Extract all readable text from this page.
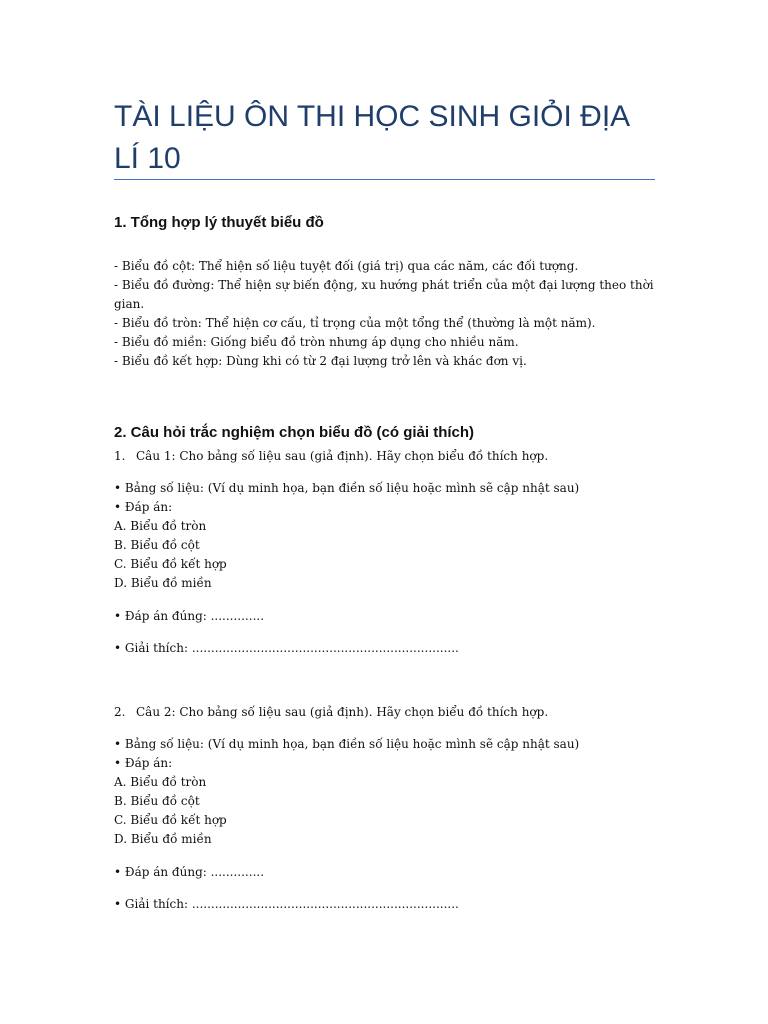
TÀI LIỆU ÔN THI HỌC SINH GIỎI ĐỊA LÍ 10
1. Tổng hợp lý thuyết biểu đồ
- Biểu đồ cột: Thể hiện số liệu tuyệt đối (giá trị) qua các năm, các đối tượng.
- Biểu đồ đường: Thể hiện sự biến động, xu hướng phát triển của một đại lượng theo thời gian.
- Biểu đồ tròn: Thể hiện cơ cấu, tỉ trọng của một tổng thể (thường là một năm).
- Biểu đồ miền: Giống biểu đồ tròn nhưng áp dụng cho nhiều năm.
- Biểu đồ kết hợp: Dùng khi có từ 2 đại lượng trở lên và khác đơn vị.
2. Câu hỏi trắc nghiệm chọn biểu đồ (có giải thích)
1. Câu 1: Cho bảng số liệu sau (giả định). Hãy chọn biểu đồ thích hợp.
• Bảng số liệu: (Ví dụ minh họa, bạn điền số liệu hoặc mình sẽ cập nhật sau)
• Đáp án:
A. Biểu đồ tròn
B. Biểu đồ cột
C. Biểu đồ kết hợp
D. Biểu đồ miền
• Đáp án đúng: ..............
• Giải thích: ......................................................................
2. Câu 2: Cho bảng số liệu sau (giả định). Hãy chọn biểu đồ thích hợp.
• Bảng số liệu: (Ví dụ minh họa, bạn điền số liệu hoặc mình sẽ cập nhật sau)
• Đáp án:
A. Biểu đồ tròn
B. Biểu đồ cột
C. Biểu đồ kết hợp
D. Biểu đồ miền
• Đáp án đúng: ..............
• Giải thích: ......................................................................
